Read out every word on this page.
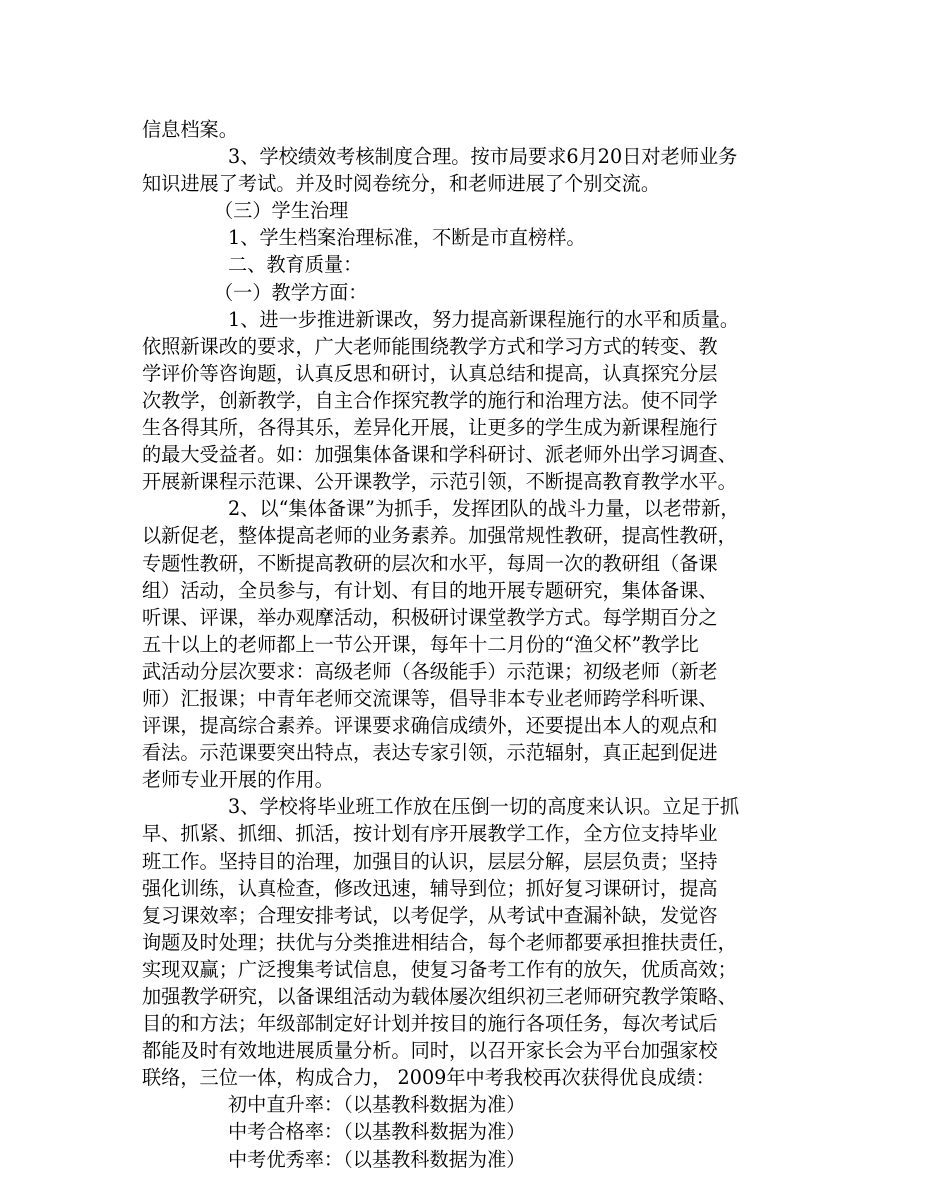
信息档案。
3、学校绩效考核制度合理。按市局要求6月20日对老师业务
知识进展了考试。并及时阅卷统分，和老师进展了个别交流。
（三）学生治理
1、学生档案治理标准，不断是市直榜样。
二、教育质量：
（一）教学方面：
1、进一步推进新课改，努力提高新课程施行的水平和质量。
依照新课改的要求，广大老师能围绕教学方式和学习方式的转变、教
学评价等咨询题，认真反思和研讨，认真总结和提高，认真探究分层
次教学，创新教学，自主合作探究教学的施行和治理方法。使不同学
生各得其所，各得其乐，差异化开展，让更多的学生成为新课程施行
的最大受益者。如：加强集体备课和学科研讨、派老师外出学习调查、
开展新课程示范课、公开课教学，示范引领，不断提高教育教学水平。
2、以“集体备课”为抓手，发挥团队的战斗力量，以老带新，
以新促老，整体提高老师的业务素养。加强常规性教研，提高性教研，
专题性教研，不断提高教研的层次和水平，每周一次的教研组（备课
组）活动，全员参与，有计划、有目的地开展专题研究，集体备课、
听课、评课，举办观摩活动，积极研讨课堂教学方式。每学期百分之
五十以上的老师都上一节公开课，每年十二月份的“渔父杯”教学比
武活动分层次要求：高级老师（各级能手）示范课；初级老师（新老
师）汇报课；中青年老师交流课等，倡导非本专业老师跨学科听课、
评课，提高综合素养。评课要求确信成绩外，还要提出本人的观点和
看法。示范课要突出特点，表达专家引领，示范辐射，真正起到促进
老师专业开展的作用。
3、学校将毕业班工作放在压倒一切的高度来认识。立足于抓
早、抓紧、抓细、抓活，按计划有序开展教学工作，全方位支持毕业
班工作。坚持目的治理，加强目的认识，层层分解，层层负责；坚持
强化训练，认真检查，修改迅速，辅导到位；抓好复习课研讨，提高
复习课效率；合理安排考试，以考促学，从考试中查漏补缺，发觉咨
询题及时处理；扶优与分类推进相结合，每个老师都要承担推扶责任，
实现双赢；广泛搜集考试信息，使复习备考工作有的放矢，优质高效；
加强教学研究，以备课组活动为载体屡次组织初三老师研究教学策略、
目的和方法；年级部制定好计划并按目的施行各项任务，每次考试后
都能及时有效地进展质量分析。同时，以召开家长会为平台加强家校
联络，三位一体，构成合力， 2009年中考我校再次获得优良成绩：
初中直升率：（以基教科数据为准）
中考合格率：（以基教科数据为准）
中考优秀率：（以基教科数据为准）
